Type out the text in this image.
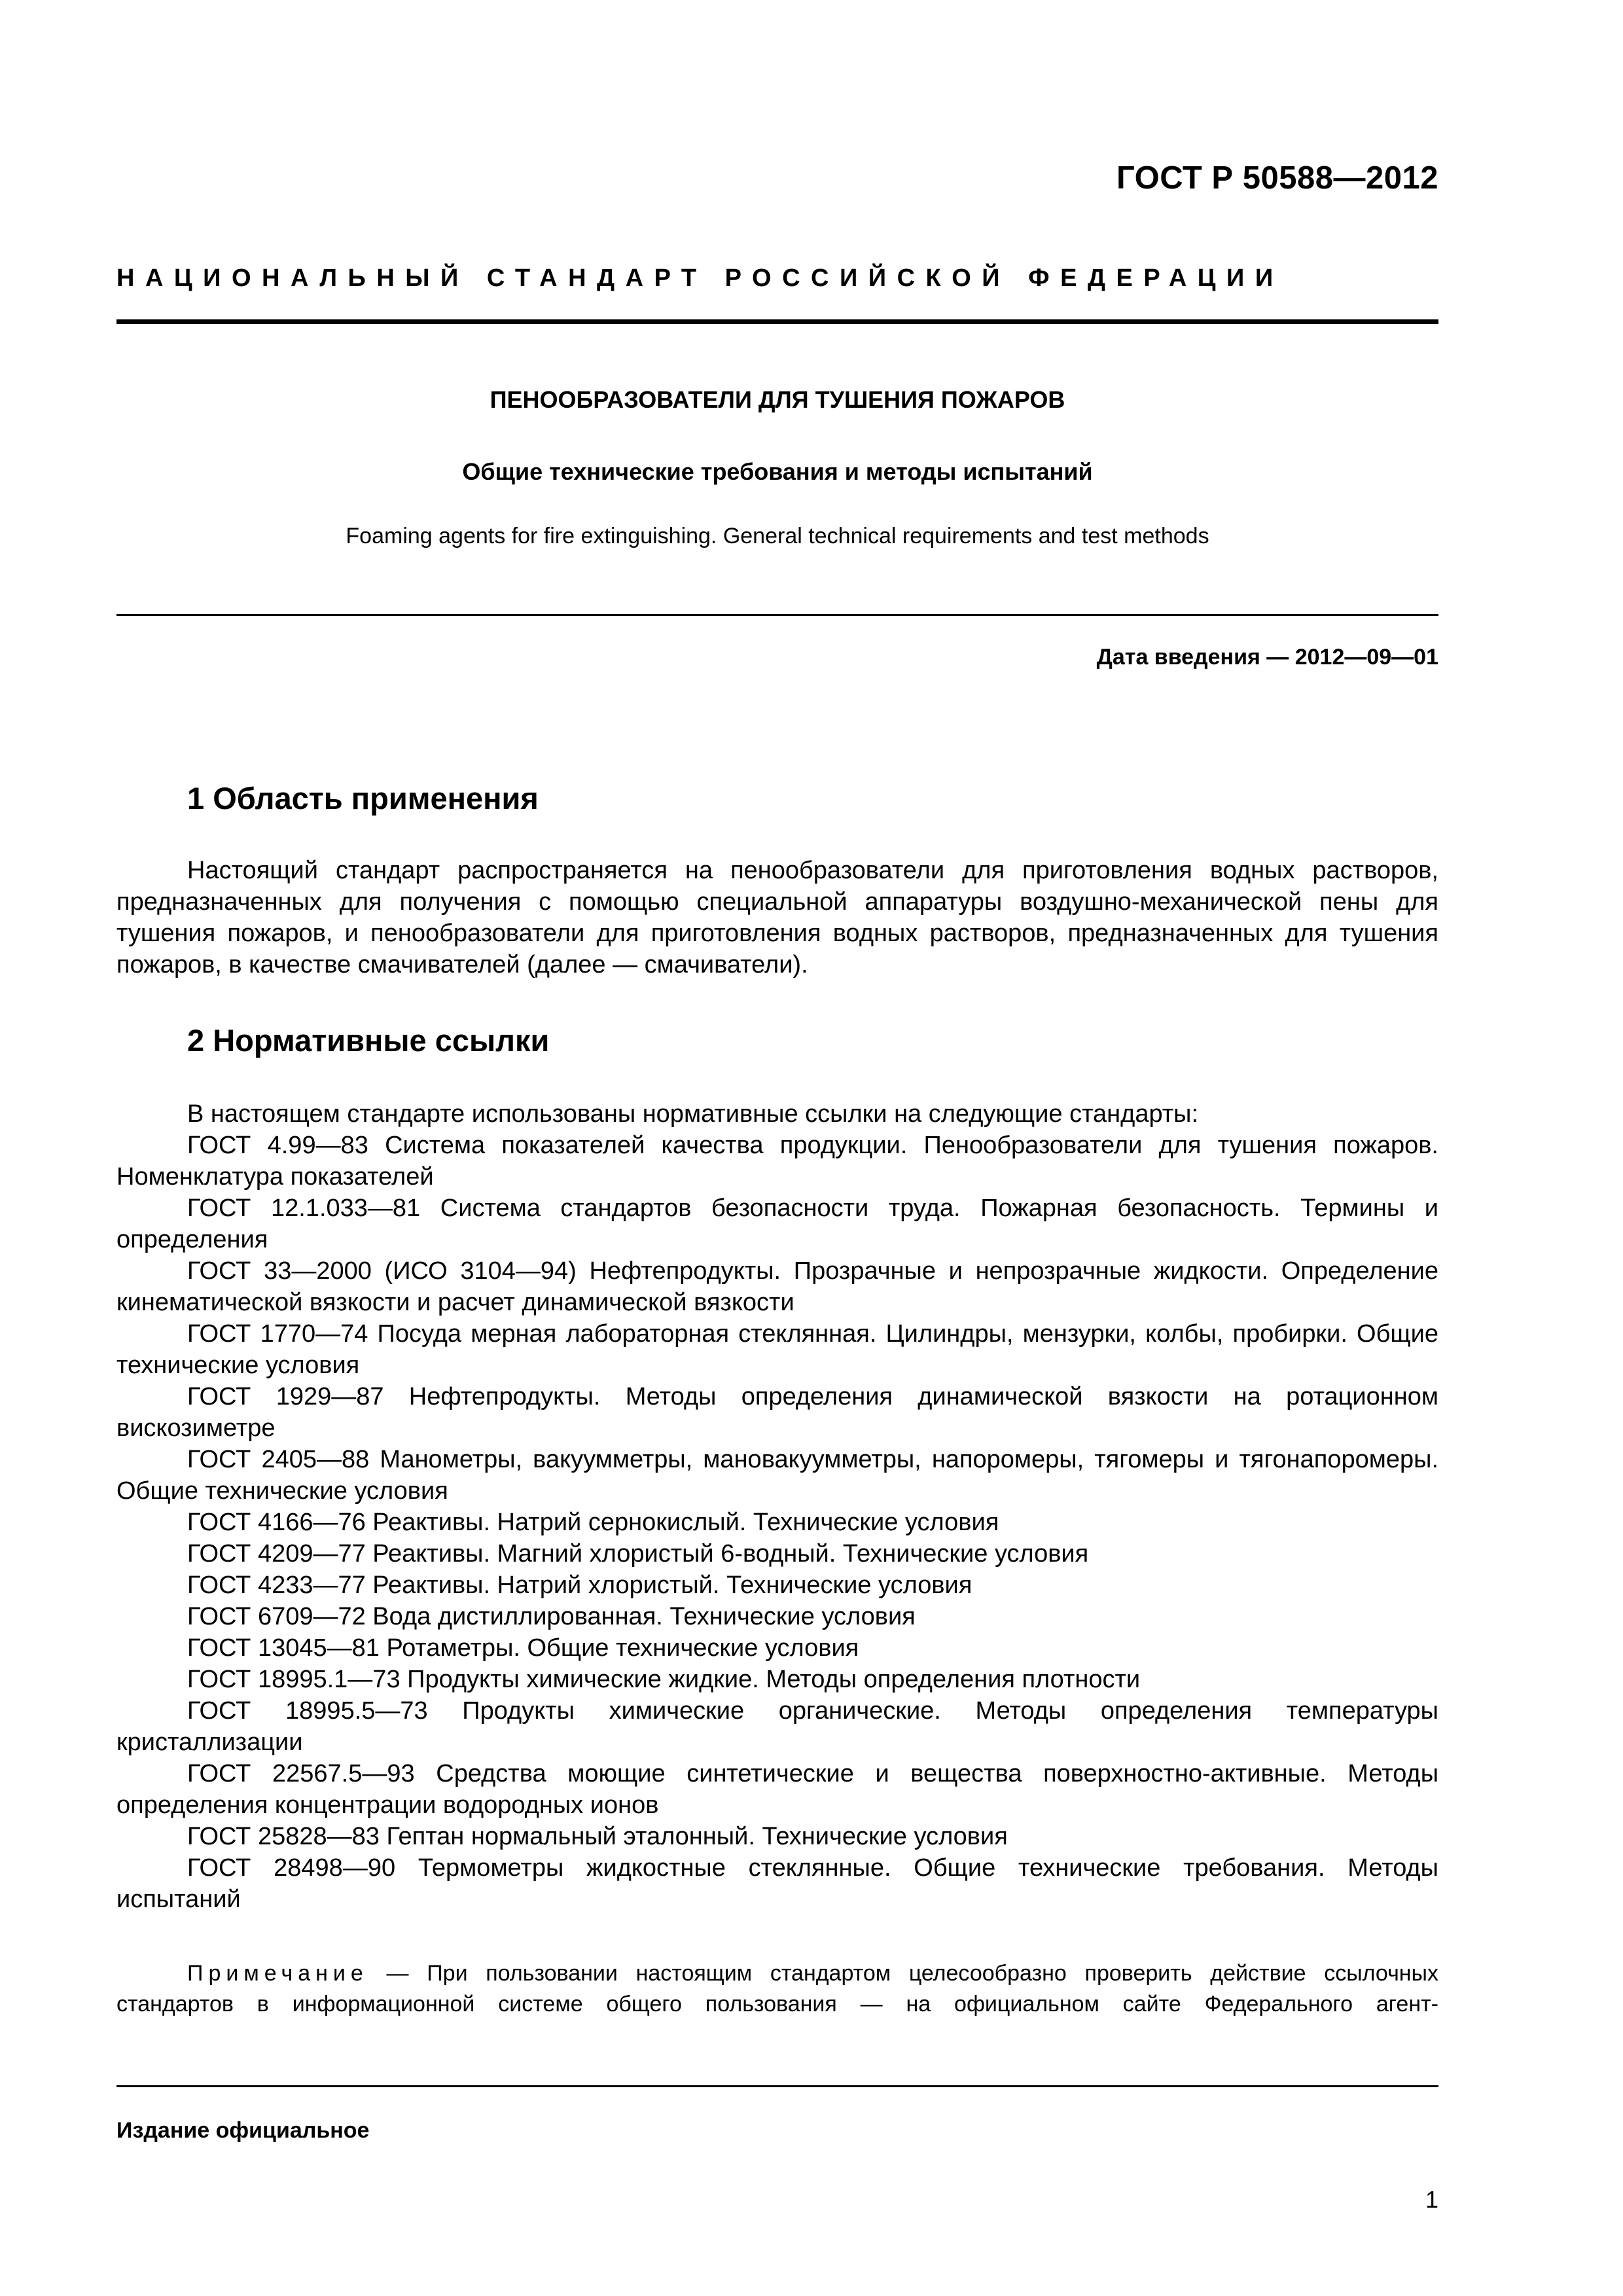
ГОСТ Р 50588—2012
НАЦИОНАЛЬНЫЙ СТАНДАРТ РОССИЙСКОЙ ФЕДЕРАЦИИ
ПЕНООБРАЗОВАТЕЛИ ДЛЯ ТУШЕНИЯ ПОЖАРОВ
Общие технические требования и методы испытаний
Foaming agents for fire extinguishing. General technical requirements and test methods
Дата введения — 2012—09—01
1 Область применения

Настоящий стандарт распространяется на пенообразователи для приготовления водных растворов, предназначенных для получения с помощью специальной аппаратуры воздушно-механической пены для тушения пожаров, и пенообразователи для приготовления водных растворов, предназначенных для тушения пожаров, в качестве смачивателей (далее — смачиватели).

2 Нормативные ссылки

В настоящем стандарте использованы нормативные ссылки на следующие стандарты:

ГОСТ 4.99—83 Система показателей качества продукции. Пенообразователи для тушения пожаров. Номенклатура показателей

ГОСТ 12.1.033—81 Система стандартов безопасности труда. Пожарная безопасность. Термины и определения

ГОСТ 33—2000 (ИСО 3104—94) Нефтепродукты. Прозрачные и непрозрачные жидкости. Определение кинематической вязкости и расчет динамической вязкости

ГОСТ 1770—74 Посуда мерная лабораторная стеклянная. Цилиндры, мензурки, колбы, пробирки. Общие технические условия

ГОСТ 1929—87 Нефтепродукты. Методы определения динамической вязкости на ротационном вискозиметре

ГОСТ 2405—88 Манометры, вакуумметры, мановакуумметры, напоромеры, тягомеры и тягонапоромеры. Общие технические условия

ГОСТ 4166—76 Реактивы. Натрий сернокислый. Технические условия

ГОСТ 4209—77 Реактивы. Магний хлористый 6-водный. Технические условия

ГОСТ 4233—77 Реактивы. Натрий хлористый. Технические условия

ГОСТ 6709—72 Вода дистиллированная. Технические условия

ГОСТ 13045—81 Ротаметры. Общие технические условия

ГОСТ 18995.1—73 Продукты химические жидкие. Методы определения плотности

ГОСТ 18995.5—73 Продукты химические органические. Методы определения температуры кристаллизации

ГОСТ 22567.5—93 Средства моющие синтетические и вещества поверхностно-активные. Методы определения концентрации водородных ионов

ГОСТ 25828—83 Гептан нормальный эталонный. Технические условия

ГОСТ 28498—90 Термометры жидкостные стеклянные. Общие технические требования. Методы испытаний

Примечание — При пользовании настоящим стандартом целесообразно проверить действие ссылочных стандартов в информационной системе общего пользования — на официальном сайте Федерального агент-

Издание официальное
1
